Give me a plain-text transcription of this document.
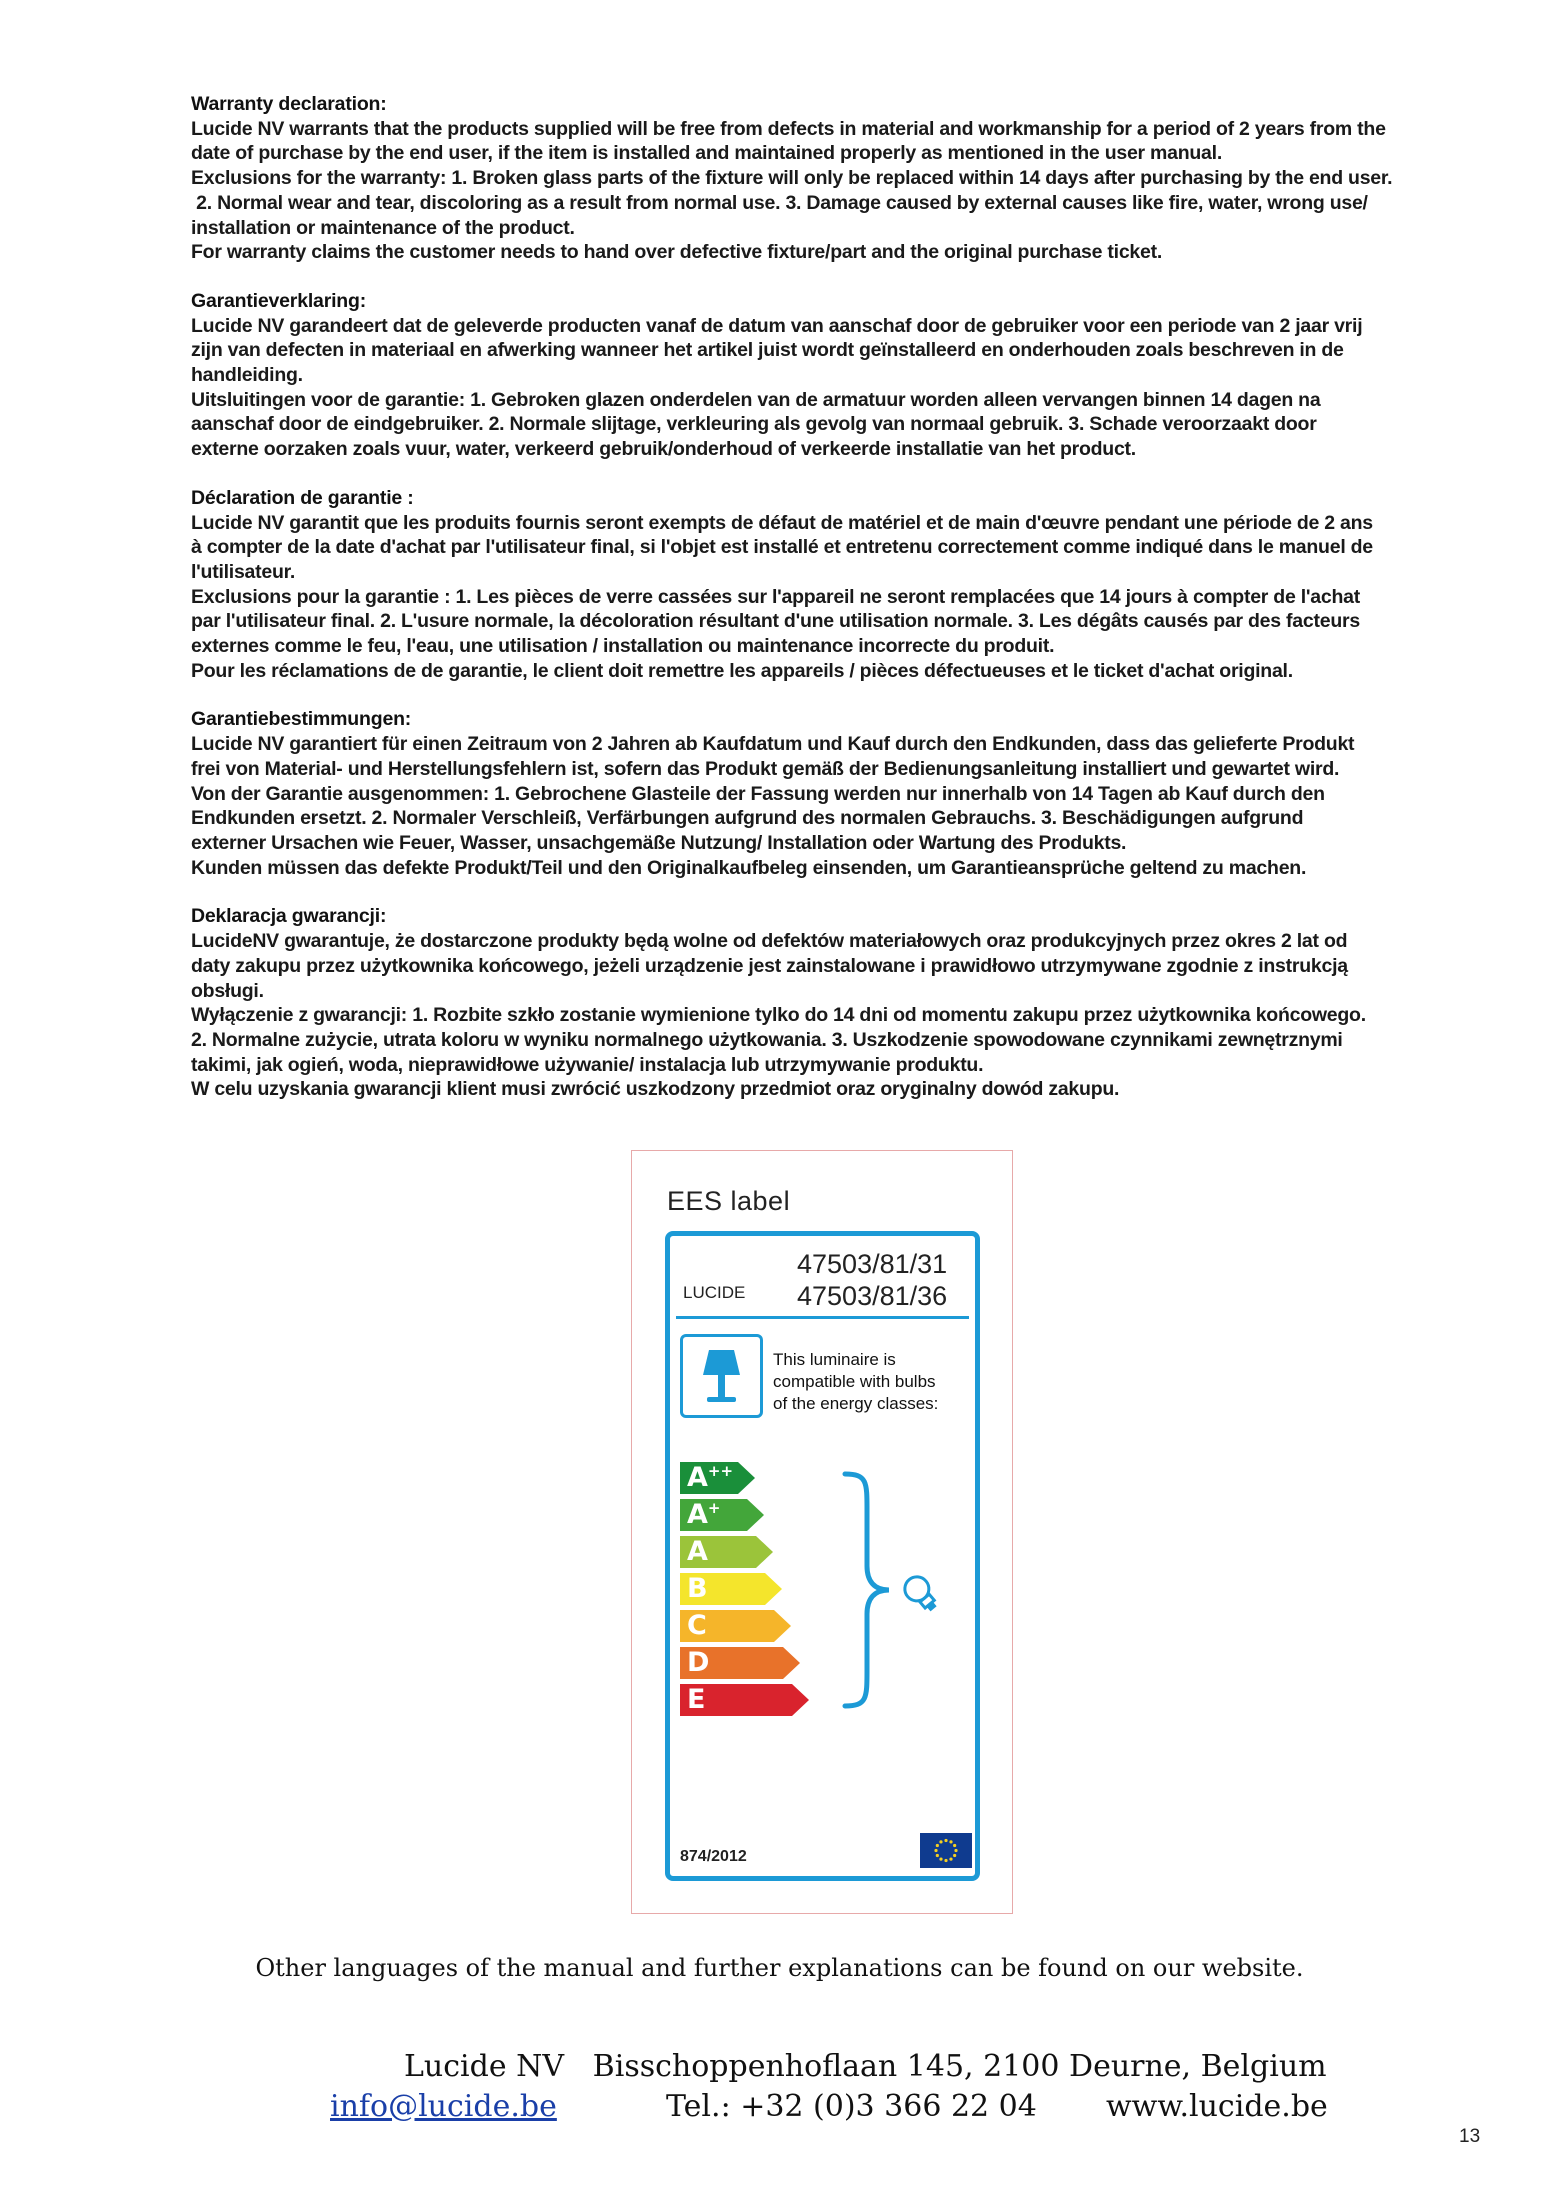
Warranty declaration:

Lucide NV warrants that the products supplied will be free from defects in material and workmanship for a period of 2 years from the

date of purchase by the end user, if the item is installed and maintained properly as mentioned in the user manual.

Exclusions for the warranty: 1. Broken glass parts of the fixture will only be replaced within 14 days after purchasing by the end user.

2. Normal wear and tear, discoloring as a result from normal use. 3. Damage caused by external causes like fire, water, wrong use/

installation or maintenance of the product.

For warranty claims the customer needs to hand over defective fixture/part and the original purchase ticket.

Garantieverklaring:

Lucide NV garandeert dat de geleverde producten vanaf de datum van aanschaf door de gebruiker voor een periode van 2 jaar vrij

zijn van defecten in materiaal en afwerking wanneer het artikel juist wordt geïnstalleerd en onderhouden zoals beschreven in de

handleiding.

Uitsluitingen voor de garantie: 1. Gebroken glazen onderdelen van de armatuur worden alleen vervangen binnen 14 dagen na

aanschaf door de eindgebruiker. 2. Normale slijtage, verkleuring als gevolg van normaal gebruik. 3. Schade veroorzaakt door

externe oorzaken zoals vuur, water, verkeerd gebruik/onderhoud of verkeerde installatie van het product.

Déclaration de garantie :

Lucide NV garantit que les produits fournis seront exempts de défaut de matériel et de main d'œuvre pendant une période de 2 ans

à compter de la date d'achat par l'utilisateur final, si l'objet est installé et entretenu correctement comme indiqué dans le manuel de

l'utilisateur.

Exclusions pour la garantie : 1. Les pièces de verre cassées sur l'appareil ne seront remplacées que 14 jours à compter de l'achat

par l'utilisateur final. 2. L'usure normale, la décoloration résultant d'une utilisation normale. 3. Les dégâts causés par des facteurs

externes comme le feu, l'eau, une utilisation / installation ou maintenance incorrecte du produit.

Pour les réclamations de de garantie, le client doit remettre les appareils / pièces défectueuses et le ticket d'achat original.

Garantiebestimmungen:

Lucide NV garantiert für einen Zeitraum von 2 Jahren ab Kaufdatum und Kauf durch den Endkunden, dass das gelieferte Produkt

frei von Material- und Herstellungsfehlern ist, sofern das Produkt gemäß der Bedienungsanleitung installiert und gewartet wird.

Von der Garantie ausgenommen: 1. Gebrochene Glasteile der Fassung werden nur innerhalb von 14 Tagen ab Kauf durch den

Endkunden ersetzt. 2. Normaler Verschleiß, Verfärbungen aufgrund des normalen Gebrauchs. 3. Beschädigungen aufgrund

externer Ursachen wie Feuer, Wasser, unsachgemäße Nutzung/ Installation oder Wartung des Produkts.

Kunden müssen das defekte Produkt/Teil und den Originalkaufbeleg einsenden, um Garantieansprüche geltend zu machen.

Deklaracja gwarancji:

LucideNV gwarantuje, że dostarczone produkty będą wolne od defektów materiałowych oraz produkcyjnych przez okres 2 lat od

daty zakupu przez użytkownika końcowego, jeżeli urządzenie jest zainstalowane i prawidłowo utrzymywane zgodnie z instrukcją

obsługi.

Wyłączenie z gwarancji: 1. Rozbite szkło zostanie wymienione tylko do 14 dni od momentu zakupu przez użytkownika końcowego.

2. Normalne zużycie, utrata koloru w wyniku normalnego użytkowania. 3. Uszkodzenie spowodowane czynnikami zewnętrznymi

takimi, jak ogień, woda, nieprawidłowe używanie/ instalacja lub utrzymywanie produktu.

W celu uzyskania gwarancji klient musi zwrócić uszkodzony przedmiot oraz oryginalny dowód zakupu.

EES label
LUCIDE
47503/81/31
47503/81/36
This luminaire is
compatible with bulbs
of the energy classes:
A++
A+
A
B
C
D
E
874/2012
Other languages of the manual and further explanations can be found on our website.
Lucide NV Bisschoppenhoflaan 145, 2100 Deurne, Belgium
info@lucide.be	Tel.: +32 (0)3 366 22 04 www.lucide.be
13
